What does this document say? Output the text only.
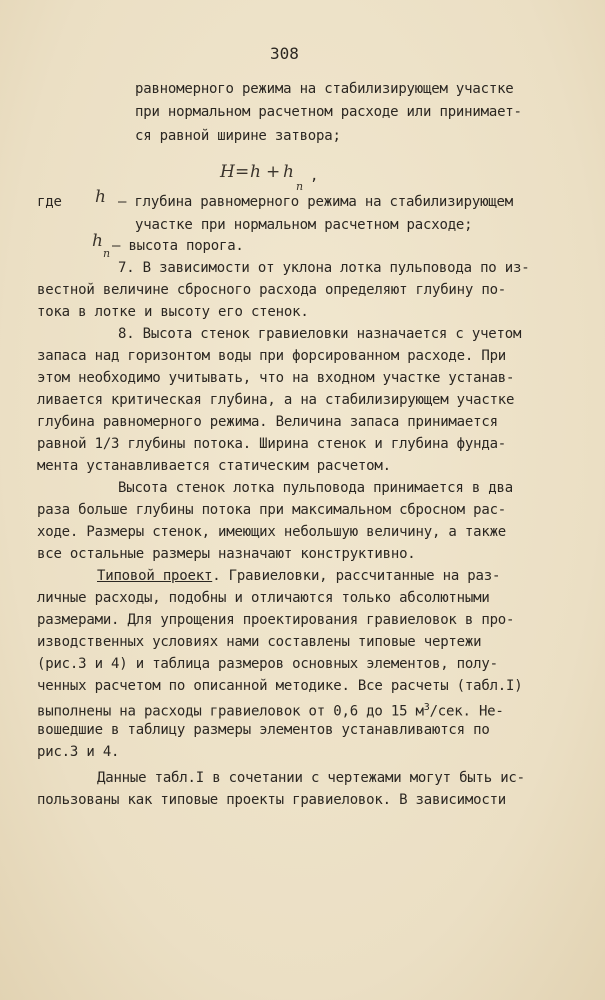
308
равномерного режима на стабилизирующем участке
при нормальном расчетном расходе или принимает-
ся равной ширине затвора;
H = h + h
n
,
где h – глубина равномерного режима на стабилизирующем
участке при нормальном расчетном расходе;
h
n – высота порога.
7. В зависимости от уклона лотка пульповода по из-
вестной величине сбросного расхода определяют глубину по-
тока в лотке и высоту его стенок.
8. Высота стенок гравиеловки назначается с учетом
запаса над горизонтом воды при форсированном расходе. При
этом необходимо учитывать, что на входном участке устанав-
ливается критическая глубина, а на стабилизирующем участке
глубина равномерного режима. Величина запаса принимается
равной 1/3 глубины потока. Ширина стенок и глубина фунда-
мента устанавливается статическим расчетом.
Высота стенок лотка пульповода принимается в два
раза больше глубины потока при максимальном сбросном рас-
ходе. Размеры стенок, имеющих небольшую величину, а также
все остальные размеры назначают конструктивно.
Типовой проект. Гравиеловки, рассчитанные на раз-
личные расходы, подобны и отличаются только абсолютными
размерами. Для упрощения проектирования гравиеловок в про-
изводственных условиях нами составлены типовые чертежи
(рис.3 и 4) и таблица размеров основных элементов, полу-
ченных расчетом по описанной методике. Все расчеты (табл.I)
выполнены на расходы гравиеловок от 0,6 до 15 $м^3$/сек. Не-
вошедшие в таблицу размеры элементов устанавливаются по
рис.3 и 4.
Данные табл.I в сочетании с чертежами могут быть ис-
пользованы как типовые проекты гравиеловок. В зависимости
